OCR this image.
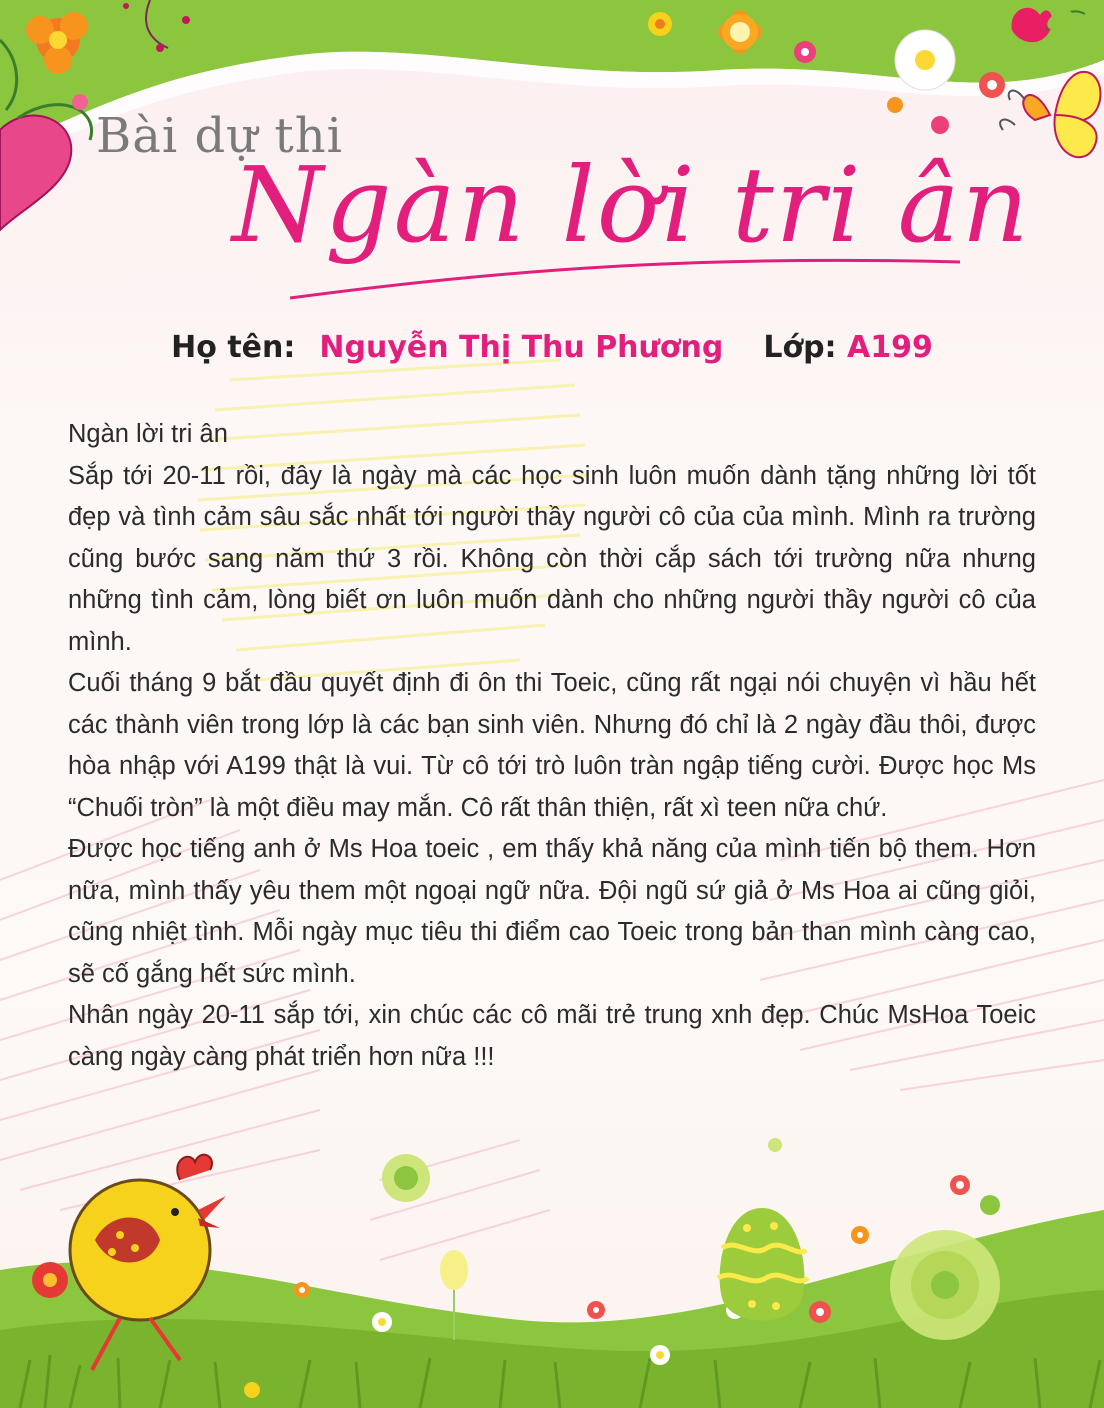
Bài dự thi
Ngàn lời tri ân
Họ tên: Nguyễn Thị Thu Phương Lớp: A199

Ngàn lời tri ân

Sắp tới 20-11 rồi, đây là ngày mà các học sinh luôn muốn dành tặng những lời tốt đẹp và tình cảm sâu sắc nhất tới người thầy người cô của của mình. Mình ra trường cũng bước sang năm thứ 3 rồi. Không còn thời cắp sách tới trường nữa nhưng những tình cảm, lòng biết ơn luôn muốn dành cho những người thầy người cô của mình.

Cuối tháng 9 bắt đầu quyết định đi ôn thi Toeic, cũng rất ngại nói chuyện vì hầu hết các thành viên trong lớp là các bạn sinh viên. Nhưng đó chỉ là 2 ngày đầu thôi, được hòa nhập với A199 thật là vui. Từ cô tới trò luôn tràn ngập tiếng cười. Được học Ms “Chuối tròn” là một điều may mắn. Cô rất thân thiện, rất xì teen nữa chứ.

Được học tiếng anh ở Ms Hoa toeic , em thấy khả năng của mình tiến bộ them. Hơn nữa, mình thấy yêu them một ngoại ngữ nữa. Đội ngũ sứ giả ở Ms Hoa ai cũng giỏi, cũng nhiệt tình. Mỗi ngày mục tiêu thi điểm cao Toeic trong bản than mình càng cao, sẽ cố gắng hết sức mình.

Nhân ngày 20-11 sắp tới, xin chúc các cô mãi trẻ trung xnh đẹp. Chúc MsHoa Toeic càng ngày càng phát triển hơn nữa !!!
